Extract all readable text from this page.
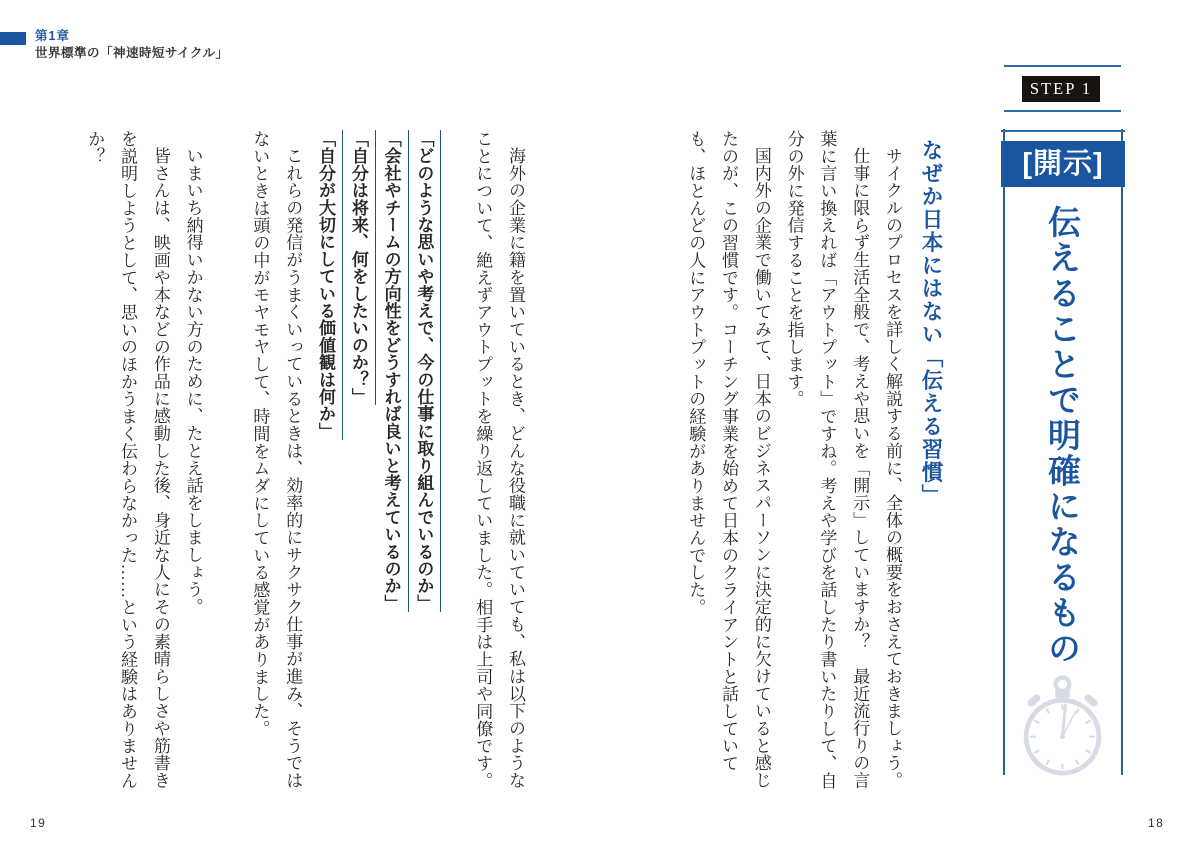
第1章
世界標準の「神速時短サイクル」
STEP 1
[開示]
伝えることで明確になるもの
なぜか日本にはない「伝える習慣」

サイクルのプロセスを詳しく解説する前に、全体の概要をおさえておきましょう。

仕事に限らず生活全般で、考えや思いを「開示」していますか？　最近流行りの言葉に言い換えれば「アウトプット」ですね。考えや学びを話したり書いたりして、自分の外に発信することを指します。

国内外の企業で働いてみて、日本のビジネスパーソンに決定的に欠けていると感じたのが、この習慣です。コーチング事業を始めて日本のクライアントと話していても、ほとんどの人にアウトプットの経験がありませんでした。

海外の企業に籍を置いているとき、どんな役職に就いていても、私は以下のようなことについて、絶えずアウトプットを繰り返していました。相手は上司や同僚です。

「どのような思いや考えで、今の仕事に取り組んでいるのか」

「会社やチームの方向性をどうすれば良いと考えているのか」

「自分は将来、何をしたいのか？」

「自分が大切にしている価値観は何か」

これらの発信がうまくいっているときは、効率的にサクサク仕事が進み、そうではないときは頭の中がモヤモヤして、時間をムダにしている感覚がありました。

いまいち納得いかない方のために、たとえ話をしましょう。

皆さんは、映画や本などの作品に感動した後、身近な人にその素晴らしさや筋書きを説明しようとして、思いのほかうまく伝わらなかった……という経験はありませんか？

19	18
